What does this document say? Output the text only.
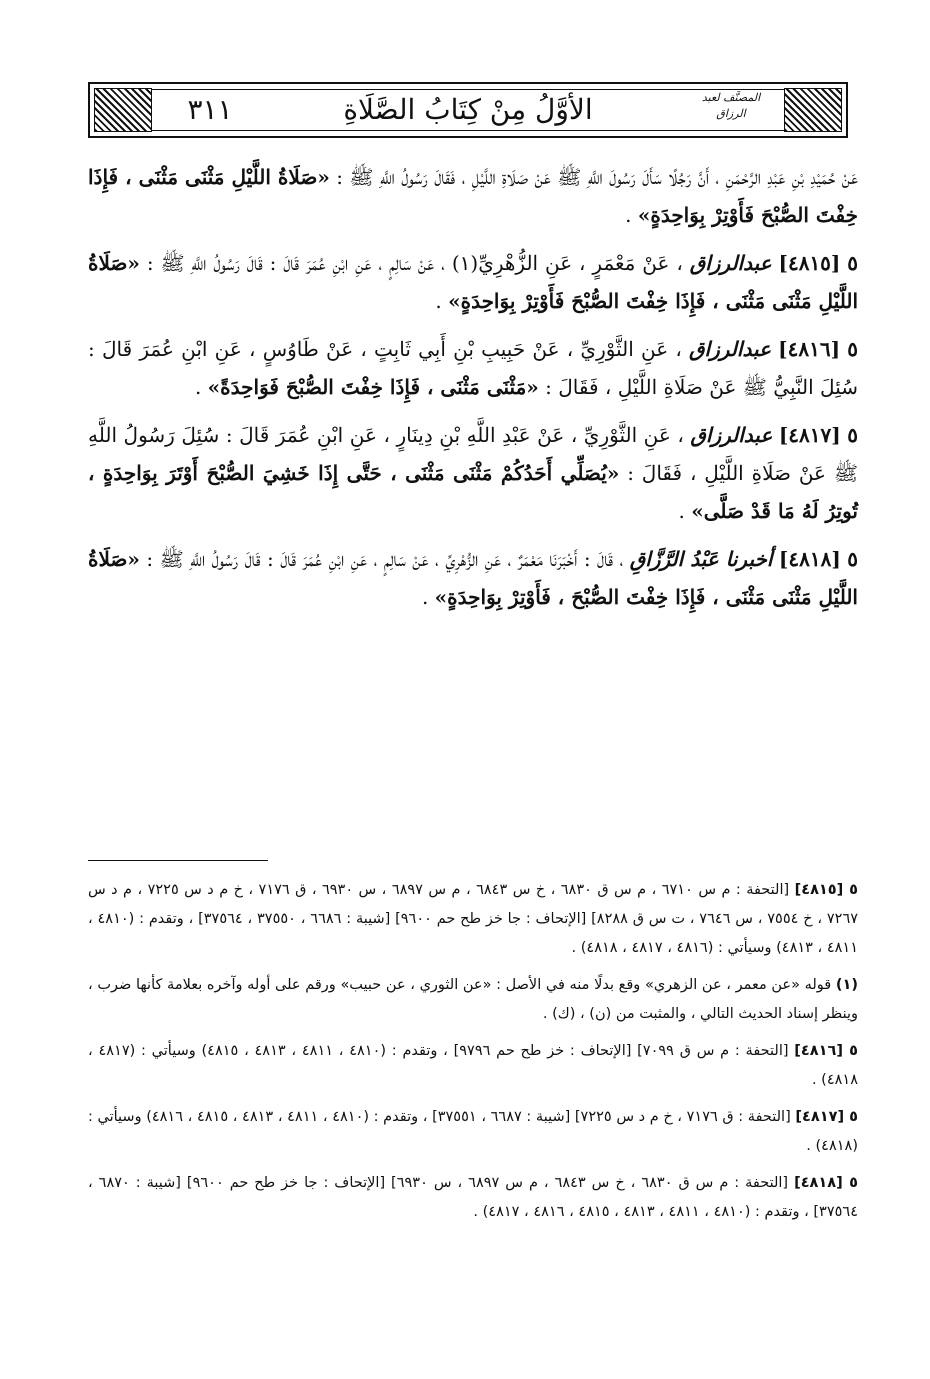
المصنَّف لعبد الرزاق
الأوَّلُ مِنْ كِتَابُ الصَّلَاةِ
٣١١

عَنْ حُمَيْدِ بْنِ عَبْدِ الرَّحْمَنِ ، أَنَّ رَجُلًا سَأَلَ رَسُولَ اللَّهِ ﷺ عَنْ صَلَاةِ اللَّيْلِ ، فَقَالَ رَسُولُ اللَّهِ ﷺ : «صَلَاةُ اللَّيْلِ مَثْنَى مَثْنَى ، فَإِذَا خِفْتَ الصُّبْحَ فَأَوْتِرْ بِوَاحِدَةٍ» .

٥ [٤٨١٥] عبدالرزاق ، عَنْ مَعْمَرٍ ، عَنِ الزُّهْرِيِّ(١) ، عَنْ سَالِمٍ ، عَنِ ابْنِ عُمَرَ قَالَ : قَالَ رَسُولُ اللَّهِ ﷺ : «صَلَاةُ اللَّيْلِ مَثْنَى مَثْنَى ، فَإِذَا خِفْتَ الصُّبْحَ فَأَوْتِرْ بِوَاحِدَةٍ» .

٥ [٤٨١٦] عبدالرزاق ، عَنِ الثَّوْرِيِّ ، عَنْ حَبِيبِ بْنِ أَبِي ثَابِتٍ ، عَنْ طَاوُسٍ ، عَنِ ابْنِ عُمَرَ قَالَ : سُئِلَ النَّبِيُّ ﷺ عَنْ صَلَاةِ اللَّيْلِ ، فَقَالَ : «مَثْنَى مَثْنَى ، فَإِذَا خِفْتَ الصُّبْحَ فَوَاحِدَةً» .

٥ [٤٨١٧] عبدالرزاق ، عَنِ الثَّوْرِيِّ ، عَنْ عَبْدِ اللَّهِ بْنِ دِينَارٍ ، عَنِ ابْنِ عُمَرَ قَالَ : سُئِلَ رَسُولُ اللَّهِ ﷺ عَنْ صَلَاةِ اللَّيْلِ ، فَقَالَ : «يُصَلِّي أَحَدُكُمْ مَثْنَى مَثْنَى ، حَتَّى إِذَا خَشِيَ الصُّبْحَ أَوْتَرَ بِوَاحِدَةٍ ، تُوتِرُ لَهُ مَا قَدْ صَلَّى» .

٥ [٤٨١٨] أخبرنا عَبْدُ الرَّزَّاقِ ، قَالَ : أَخْبَرَنَا مَعْمَرٌ ، عَنِ الزُّهْرِيِّ ، عَنْ سَالِمٍ ، عَنِ ابْنِ عُمَرَ قَالَ : قَالَ رَسُولُ اللَّهِ ﷺ : «صَلَاةُ اللَّيْلِ مَثْنَى مَثْنَى ، فَإِذَا خِفْتَ الصُّبْحَ ، فَأَوْتِرْ بِوَاحِدَةٍ» .

٥ [٤٨١٥] [التحفة : م س ٦٧١٠ ، م س ق ٦٨٣٠ ، خ س ٦٨٤٣ ، م س ٦٨٩٧ ، س ٦٩٣٠ ، ق ٧١٧٦ ، خ م د س ٧٢٢٥ ، م د س ٧٢٦٧ ، خ ٧٥٥٤ ، س ٧٦٤٦ ، ت س ق ٨٢٨٨] [الإتحاف : جا خز طح حم ٩٦٠٠] [شيبة : ٦٦٨٦ ، ٣٧٥٥٠ ، ٣٧٥٦٤] ، وتقدم : (٤٨١٠ ، ٤٨١١ ، ٤٨١٣) وسيأتي : (٤٨١٦ ، ٤٨١٧ ، ٤٨١٨) .

(١) قوله «عن معمر ، عن الزهري» وقع بدلًا منه في الأصل : «عن الثوري ، عن حبيب» ورقم على أوله وآخره بعلامة كأنها ضرب ، وينظر إسناد الحديث التالي ، والمثبت من (ن) ، (ك) .

٥ [٤٨١٦] [التحفة : م س ق ٧٠٩٩] [الإتحاف : خز طح حم ٩٧٩٦] ، وتقدم : (٤٨١٠ ، ٤٨١١ ، ٤٨١٣ ، ٤٨١٥) وسيأتي : (٤٨١٧ ، ٤٨١٨) .

٥ [٤٨١٧] [التحفة : ق ٧١٧٦ ، خ م د س ٧٢٢٥] [شيبة : ٦٦٨٧ ، ٣٧٥٥١] ، وتقدم : (٤٨١٠ ، ٤٨١١ ، ٤٨١٣ ، ٤٨١٥ ، ٤٨١٦) وسيأتي : (٤٨١٨) .

٥ [٤٨١٨] [التحفة : م س ق ٦٨٣٠ ، خ س ٦٨٤٣ ، م س ٦٨٩٧ ، س ٦٩٣٠] [الإتحاف : جا خز طح حم ٩٦٠٠] [شيبة : ٦٨٧٠ ، ٣٧٥٦٤] ، وتقدم : (٤٨١٠ ، ٤٨١١ ، ٤٨١٣ ، ٤٨١٥ ، ٤٨١٦ ، ٤٨١٧) .
